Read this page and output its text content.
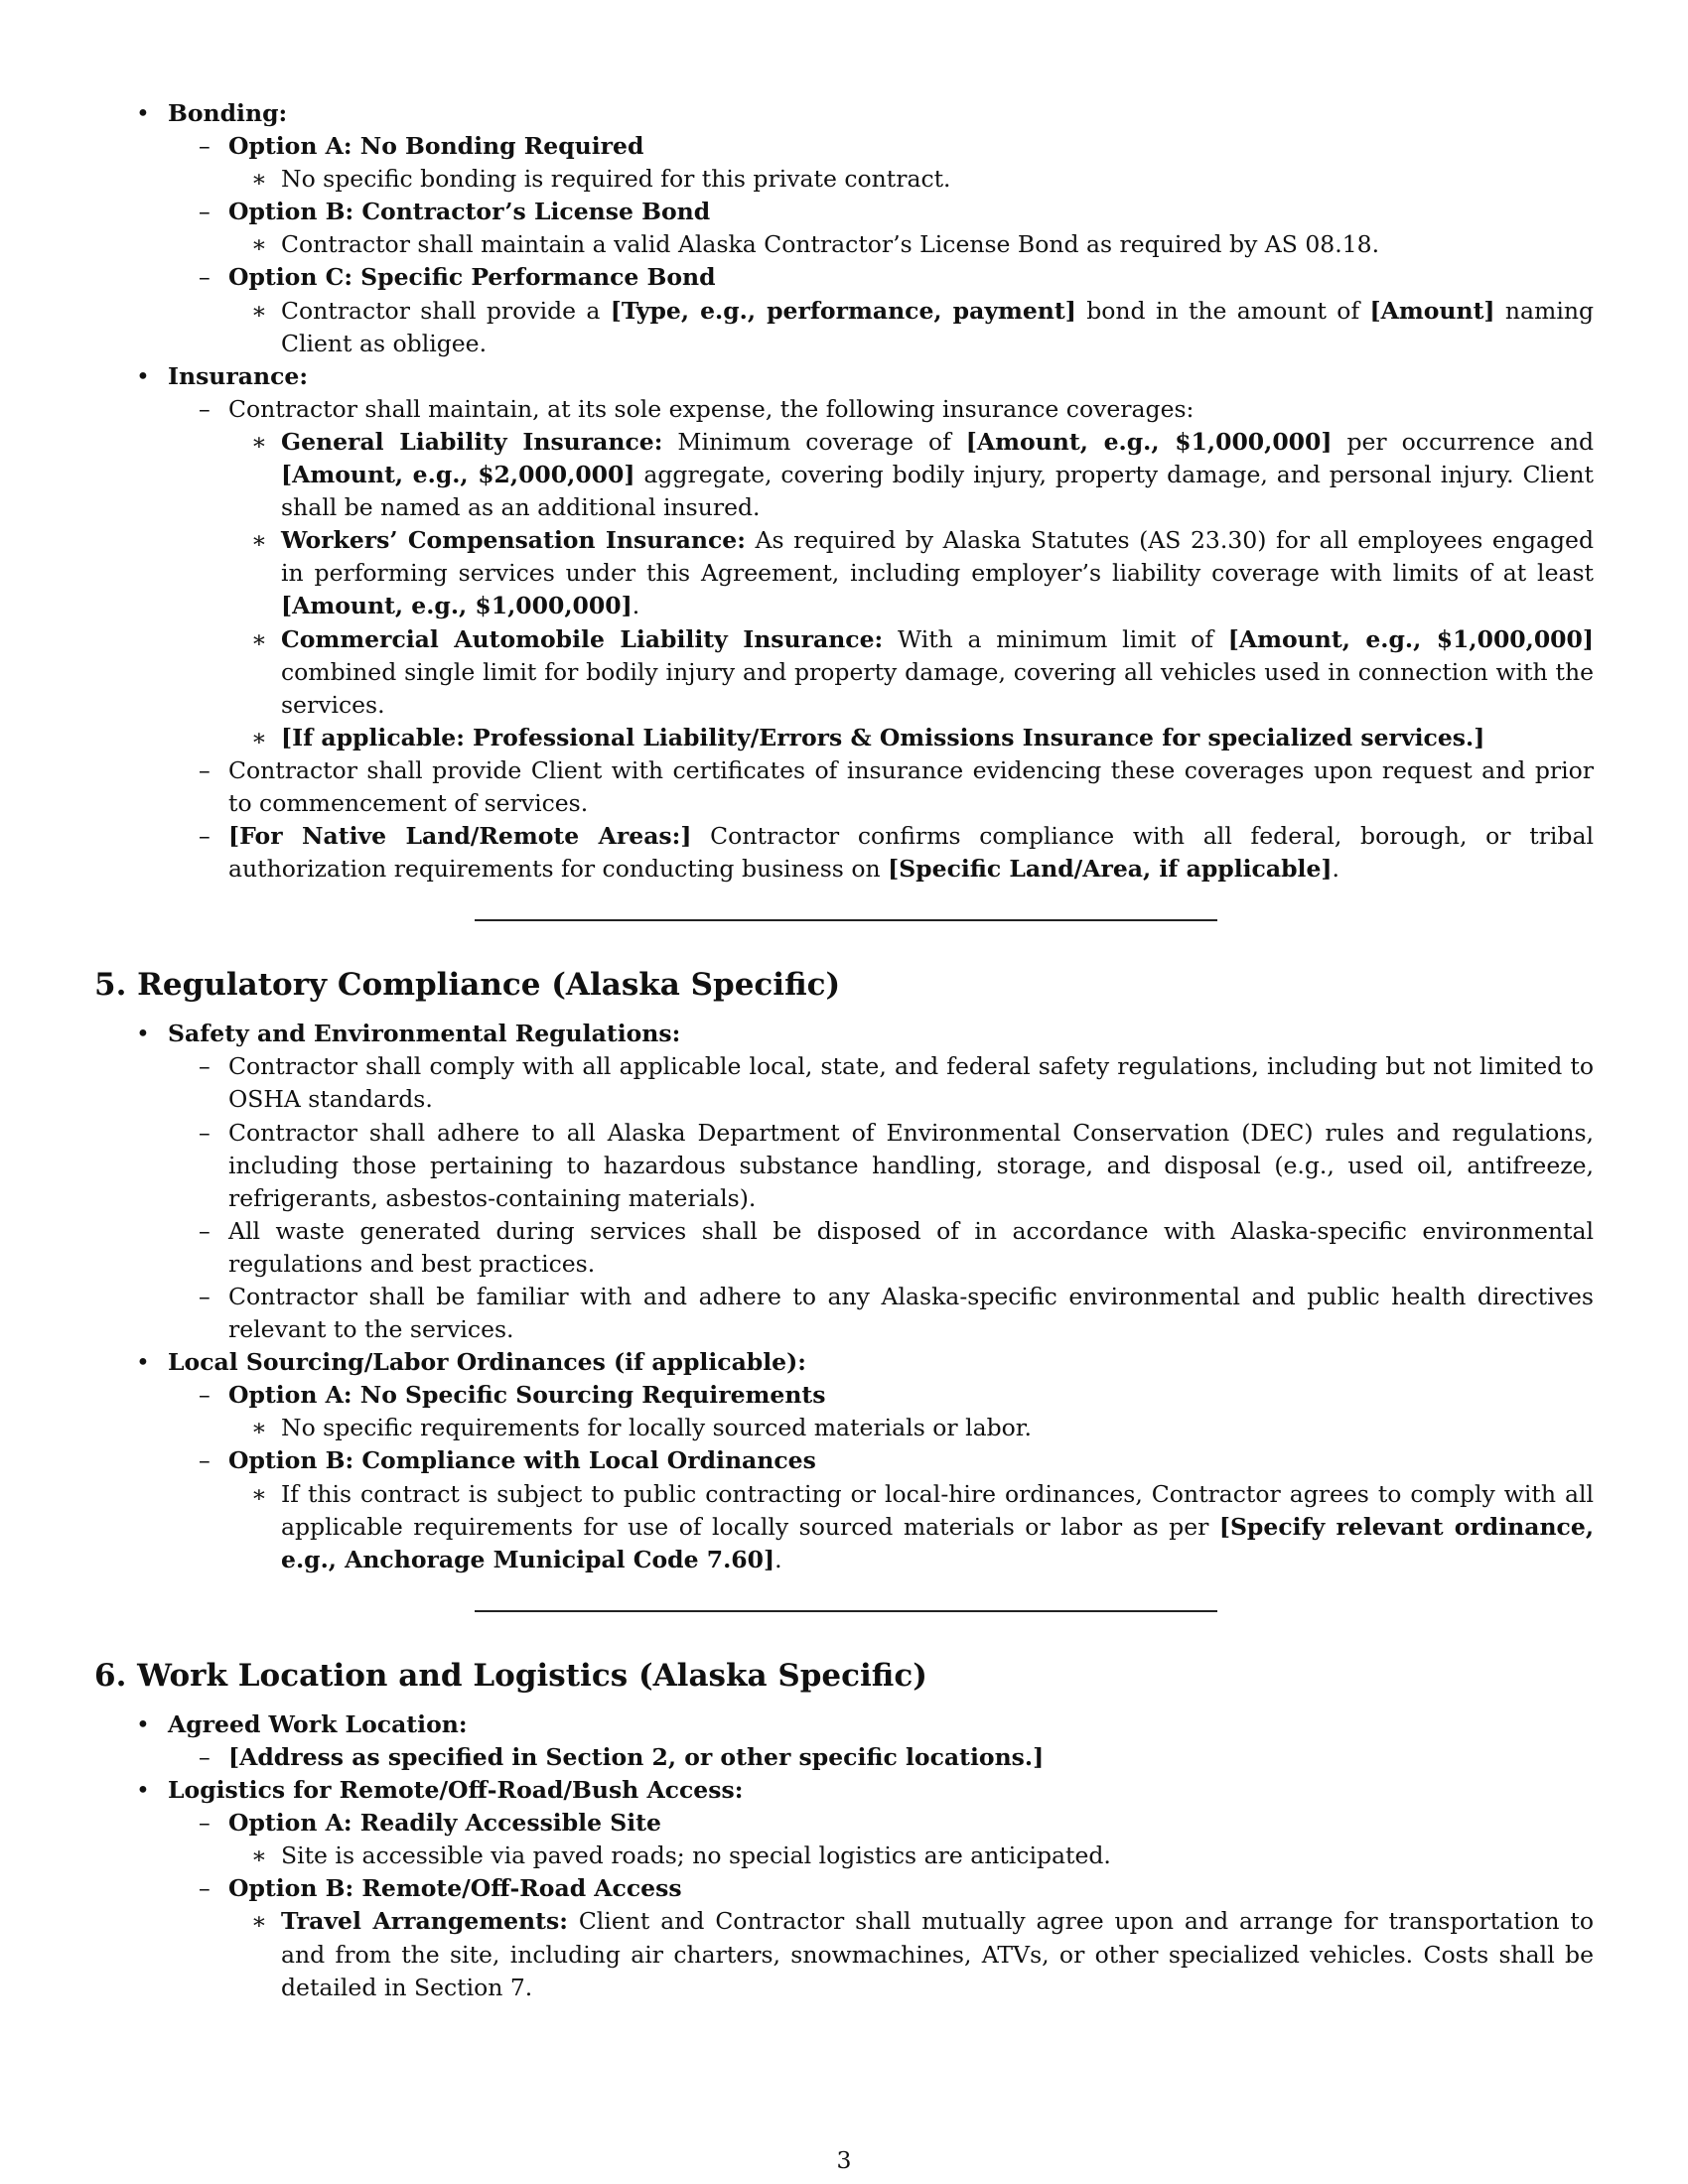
• Bonding:
– Option A: No Bonding Required
∗ No specific bonding is required for this private contract.
– Option B: Contractor’s License Bond
∗ Contractor shall maintain a valid Alaska Contractor’s License Bond as required by AS 08.18.
– Option C: Specific Performance Bond
∗ Contractor shall provide a [Type, e.g., performance, payment] bond in the amount of [Amount] naming Client as obligee.
• Insurance:
– Contractor shall maintain, at its sole expense, the following insurance coverages:
∗ General Liability Insurance: Minimum coverage of [Amount, e.g., $1,000,000] per occurrence and [Amount, e.g., $2,000,000] aggregate, covering bodily injury, property damage, and personal injury. Client shall be named as an additional insured.
∗ Workers’ Compensation Insurance: As required by Alaska Statutes (AS 23.30) for all employees engaged in performing services under this Agreement, including employer’s liability coverage with limits of at least [Amount, e.g., $1,000,000].
∗ Commercial Automobile Liability Insurance: With a minimum limit of [Amount, e.g., $1,000,000] combined single limit for bodily injury and property damage, covering all vehicles used in connection with the services.
∗ [If applicable: Professional Liability/Errors & Omissions Insurance for specialized services.]
– Contractor shall provide Client with certificates of insurance evidencing these coverages upon request and prior to commencement of services.
– [For Native Land/Remote Areas:] Contractor confirms compliance with all federal, borough, or tribal authorization requirements for conducting business on [Specific Land/Area, if applicable].
5. Regulatory Compliance (Alaska Specific)
• Safety and Environmental Regulations:
– Contractor shall comply with all applicable local, state, and federal safety regulations, including but not limited to OSHA standards.
– Contractor shall adhere to all Alaska Department of Environmental Conservation (DEC) rules and regulations, including those pertaining to hazardous substance handling, storage, and disposal (e.g., used oil, antifreeze, refrigerants, asbestos-containing materials).
– All waste generated during services shall be disposed of in accordance with Alaska-specific environmental regulations and best practices.
– Contractor shall be familiar with and adhere to any Alaska-specific environmental and public health directives relevant to the services.
• Local Sourcing/Labor Ordinances (if applicable):
– Option A: No Specific Sourcing Requirements
∗ No specific requirements for locally sourced materials or labor.
– Option B: Compliance with Local Ordinances
∗ If this contract is subject to public contracting or local-hire ordinances, Contractor agrees to comply with all applicable requirements for use of locally sourced materials or labor as per [Specify relevant ordinance, e.g., Anchorage Municipal Code 7.60].
6. Work Location and Logistics (Alaska Specific)
• Agreed Work Location:
– [Address as specified in Section 2, or other specific locations.]
• Logistics for Remote/Off-Road/Bush Access:
– Option A: Readily Accessible Site
∗ Site is accessible via paved roads; no special logistics are anticipated.
– Option B: Remote/Off-Road Access
∗ Travel Arrangements: Client and Contractor shall mutually agree upon and arrange for transportation to and from the site, including air charters, snowmachines, ATVs, or other specialized vehicles. Costs shall be detailed in Section 7.
3
